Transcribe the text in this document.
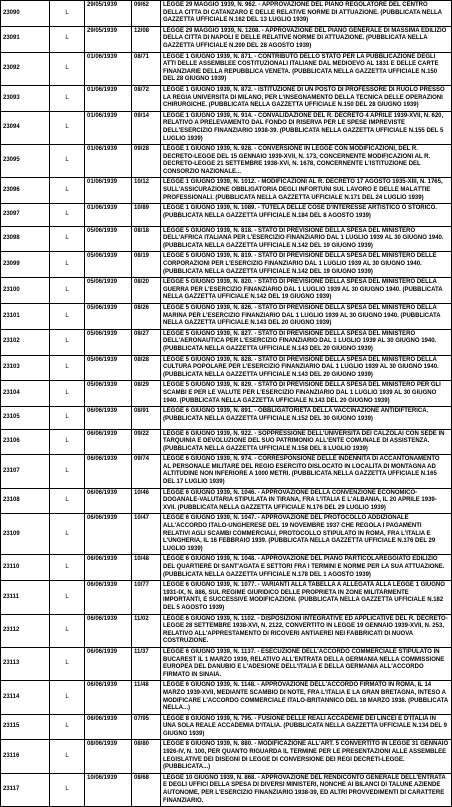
23090	L	29/05/1939	09/62	LEGGE 29 MAGGIO 1939, N. 962. - APPROVAZIONE DEL PIANO REGOLATORE DEL CENTRO DELLA CITTA DI CATANZARO E DELLE RELATIVE NORME DI ATTUAZIONE. (PUBBLICATA NELLA GAZZETTA UFFICIALE N.162 DEL 13 LUGLIO 1939)
23091	L	29/05/1939	12/08	LEGGE 29 MAGGIO 1939, N. 1208. - APPROVAZIONE DEL PIANO GENERALE DI MASSIMA EDILIZIO DELLA CITTA DI NAPOLI E DELLE RELATIVE NORME DI ATTUAZIONE. (PUBBLICATA NELLA GAZZETTA UFFICIALE N.200 DEL 28 AGOSTO 1939)
23092	L	01/06/1939	08/71	LEGGE 1 GIUGNO 1939, N. 871. - CONTRIBUTO DELLO STATO PER LA PUBBLICAZIONE DEGLI ATTI DELLE ASSEMBLEE COSTITUZIONALI ITALIANE DAL MEDIOEVO AL 1831 E DELLE CARTE FINANZIARIE DELLA REPUBBLICA VENETA. (PUBBLICATA NELLA GAZZETTA UFFICIALE N.150 DEL 28 GIUGNO 1939)
23093	L	01/06/1939	08/72	LEGGE 1 GIUGNO 1939, N. 872. - ISTITUZIONE DI UN POSTO DI PROFESSORE DI RUOLO PRESSO LA REGIA UNIVERSITA DI MILANO, PER L'INSEGNAMENTO DELLA TECNICA DELLE OPERAZIONI CHIRURGICHE. (PUBBLICATA NELLA GAZZETTA UFFICIALE N.150 DEL 28 GIUGNO 1939)
23094	L	01/06/1939	09/14	LEGGE 1 GIUGNO 1939, N. 914. - CONVALIDAZIONE DEL R. DECRETO 4 APRILE 1939-XVII, N. 620, RELATIVO A PRELEVAMENTO DAL FONDO DI RISERVA PER LE SPESE IMPREVISTE DELL'ESERCIZIO FINANZIARIO 1938-39. (PUBBLICATA NELLA GAZZETTA UFFICIALE N.155 DEL 5 LUGLIO 1939)
23095	L	01/06/1939	09/28	LEGGE 1 GIUGNO 1939, N. 928. - CONVERSIONE IN LEGGE CON MODIFICAZIONI, DEL R. DECRETO-LEGGE DEL 15 GENNAIO 1939-XVII, N. 173, CONCERNENTE MODIFICAZIONI AL R. DECRETO-LEGGE 21 SETTEMBRE 1938-XVI, N. 1678, CONCERNENTE L'ISTITUZIONE DEL CONSORZIO NAZIONALE...
23096	L	01/06/1939	10/12	LEGGE 1 GIUGNO 1939, N. 1012. - MODIFICAZIONI AL R. DECRETO 17 AGOSTO 1935-XIII, N. 1765, SULL'ASSICURAZIONE OBBLIGATORIA DEGLI INFORTUNI SUL LAVORO E DELLE MALATTIE PROFESSIONALI. (PUBBLICATA NELLA GAZZETTA UFFICIALE N.171 DEL 24 LUGLIO 1939)
23097	L	01/06/1939	10/89	LEGGE 1 GIUGNO 1939, N. 1089. - TUTELA DELLE COSE D'INTERESSE ARTISTICO O STORICO. (PUBBLICATA NELLA GAZZETTA UFFICIALE N.184 DEL 8 AGOSTO 1939)
23098	L	05/06/1939	08/18	LEGGE 5 GIUGNO 1939, N. 818. - STATO DI PREVISIONE DELLA SPESA DEL MINISTERO DELL'AFRICA ITALIANA PER L'ESERCIZIO FINANZIARIO DAL 1 LUGLIO 1939 AL 30 GIUGNO 1940. (PUBBLICATA NELLA GAZZETTA UFFICIALE N.142 DEL 19 GIUGNO 1939)
23099	L	05/06/1939	08/19	LEGGE 5 GIUGNO 1939, N. 819. - STATO DI PREVISIONE DELLA SPESA DEL MINISTERO DELLE CORPORAZIONI PER L'ESERCIZIO FINANZIARIO DAL 1 LUGLIO 1939 AL 30 GIUGNO 1940. (PUBBLICATA NELLA GAZZETTA UFFICIALE N.142 DEL 19 GIUGNO 1939)
23100	L	05/06/1939	08/20	LEGGE 5 GIUGNO 1939, N. 820. - STATO DI PREVISIONE DELLA SPESA DEL MINISTERO DELLA GUERRA PER L'ESERCIZIO FINANZIARIO DAL 1 LUGLIO 1939 AL 30 GIUGNO 1940. (PUBBLICATA NELLA GAZZETTA UFFICIALE N.142 DEL 19 GIUGNO 1939)
23101	L	05/06/1939	08/26	LEGGE 5 GIUGNO 1939, N. 826. - STATO DI PREVISIONE DELLA SPESA DEL MINISTERO DELLA MARINA PER L'ESERCIZIO FINANZIARIO DAL 1 LUGLIO 1939 AL 30 GIUGNO 1940. (PUBBLICATA NELLA GAZZETTA UFFICIALE N.143 DEL 20 GIUGNO 1939)
23102	L	05/06/1939	08/27	LEGGE 5 GIUGNO 1939, N. 827. - STATO DI PREVISIONE DELLA SPESA DEL MINISTERO DELL'AERONAUTICA PER L'ESERCIZIO FINANZIARIO DAL 1 LUGLIO 1939 AL 30 GIUGNO 1940. (PUBBLICATA NELLA GAZZETTA UFFICIALE N.143 DEL 20 GIUGNO 1939)
23103	L	05/06/1939	08/28	LEGGE 5 GIUGNO 1939, N. 828. - STATO DI PREVISIONE DELLA SPESA DEL MINISTERO DELLA CULTURA POPOLARE PER L'ESERCIZIO FINANZIARIO DAL 1 LUGLIO 1939 AL 30 GIUGNO 1940. (PUBBLICATA NELLA GAZZETTA UFFICIALE N.143 DEL 20 GIUGNO 1939)
23104	L	05/06/1939	08/29	LEGGE 5 GIUGNO 1939, N. 829. - STATO DI PREVISIONE DELLA SPESA DEL MINISTERO PER GLI SCAMBI E PER LE VALUTE PER L'ESERCIZIO FINANZIARIO DAL 1 LUGLIO 1939 AL 30 GIUGNO 1940. (PUBBLICATA NELLA GAZZETTA UFFICIALE N.143 DEL 20 GIUGNO 1939)
23105	L	06/06/1939	08/91	LEGGE 6 GIUGNO 1939, N. 891. - OBBLIGATORIETA DELLA VACCINAZIONE ANTIDIFTERICA. (PUBBLICATA NELLA GAZZETTA UFFICIALE N.152 DEL 30 GIUGNO 1939)
23106	L	06/06/1939	09/22	LEGGE 6 GIUGNO 1939, N. 922. - SOPPRESSIONE DELL'UNIVERSITA DEI CALZOLAI CON SEDE IN TARQUINIA E DEVOLUZIONE DEL SUO PATRIMONIO ALL'ENTE COMUNALE DI ASSISTENZA. (PUBBLICATA NELLA GAZZETTA UFFICIALE N.158 DEL 8 LUGLIO 1939)
23107	L	06/06/1939	09/74	LEGGE 6 GIUGNO 1939, N. 974. - CORRESPONSIONE DELLE INDENNITA DI ACCANTONAMENTO AL PERSONALE MILITARE DEL REGIO ESERCITO DISLOCATO IN LOCALITA DI MONTAGNA AD ALTITUDINE NON INFERIORE A 1000 METRI. (PUBBLICATA NELLA GAZZETTA UFFICIALE N.165 DEL 17 LUGLIO 1939)
23108	L	06/06/1939	10/46	LEGGE 6 GIUGNO 1939, N. 1046. - APPROVAZIONE DELLA CONVENZIONE ECONOMICO-DOGANALE-VALUTARIA STIPULATA IN TIRANA, FRA L'ITALIA E L'ALBANIA, IL 20 APRILE 1939-XVII. (PUBBLICATA NELLA GAZZETTA UFFICIALE N.176 DEL 29 LUGLIO 1939)
23109	L	06/06/1939	10/47	LEGGE 6 GIUGNO 1939, N. 1047. - APPROVAZIONE DEL PROTOCOLLO ADDIZIONALE ALL'ACCORDO ITALO-UNGHERESE DEL 19 NOVEMBRE 1937 CHE REGOLA I PAGAMENTI RELATIVI AGLI SCAMBI COMMERCIALI, PROTOCOLLO STIPULATO IN ROMA, FRA L'ITALIA E L'UNGHERIA, IL 16 FEBBRAIO 1939. (PUBBLICATA NELLA GAZZETTA UFFICIALE N.176 DEL 29 LUGLIO 1939)
23110	L	06/06/1939	10/48	LEGGE 6 GIUGNO 1939, N. 1048. - APPROVAZIONE DEL PIANO PARTICOLAREGGIATO EDILIZIO DEL QUARTIERE DI SANT'AGATA E SETTORI FRA I TERMINI E NORME PER LA SUA ATTUAZIONE. (PUBBLICATA NELLA GAZZETTA UFFICIALE N.178 DEL 1 AGOSTO 1939)
23111	L	06/06/1939	10/77	LEGGE 6 GIUGNO 1939, N. 1077. - VARIANTI ALLA TABELLA A ALLEGATA ALLA LEGGE 1 GIUGNO 1931-IX, N. 886, SUL REGIME GIURIDICO DELLE PROPRIETA IN ZONE MILITARMENTE IMPORTANTI, E SUCCESSIVE MODIFICAZIONI. (PUBBLICATA NELLA GAZZETTA UFFICIALE N.182 DEL 5 AGOSTO 1939)
23112	L	06/06/1939	11/02	LEGGE 6 GIUGNO 1939, N. 1102. - DISPOSIZIONI INTEGRATIVE ED APPLICATIVE DEL R. DECRETO-LEGGE 28 SETTEMBRE 1938-XVI, N. 2122, CONVERTITO IN LEGGE 19 GENNAIO 1939-XVII, N. 253, RELATIVO ALL'APPRESTAMENTO DI RICOVERI ANTIAEREI NEI FABBRICATI DI NUOVA COSTRUZIONE.
23113	L	06/06/1939	11/37	LEGGE 6 GIUGNO 1939, N. 1137. - ESECUZIONE DELL'ACCORDO COMMERCIALE STIPULATO IN BUCAREST IL 1 MARZO 1939, RELATIVO ALL'ENTRATA DELLA GERMANIA NELLA COMMISSIONE EUROPEA DEL DANUBIO E L'ADESIONE DELL'ITALIA E DELLA GERMANIA ALL'ACCORDO FIRMATO IN SINAIA.
23114	L	06/06/1939	11/48	LEGGE 6 GIUGNO 1939, N. 1148. - APPROVAZIONE DELL'ACCORDO FIRMATO IN ROMA, IL 14 MARZO 1939-XVII, MEDIANTE SCAMBIO DI NOTE, FRA L'ITALIA E LA GRAN BRETAGNA, INTESO A MODIFICARE L'ACCORDO COMMERCIALE ITALO-BRITANNICO DEL 18 MARZO 1938. (PUBBLICATA NELLA...)
23115	L	06/06/1939	07/95	LEGGE 8 GIUGNO 1939, N. 795. - FUSIONE DELLE REALI ACCADEMIE DEI LINCEI E D'ITALIA IN UNA SOLA REALE ACCADEMIA D'ITALIA. (PUBBLICATA NELLA GAZZETTA UFFICIALE N.134 DEL 9 GIUGNO 1939)
23116	L	08/06/1939	08/80	LEGGE 8 GIUGNO 1939, N. 880. - MODIFICAZIONE ALL'ART. 5 CONVERTITO IN LEGGE 31 GENNAIO 1926-IV, N. 100, PER QUANTO RIGUARDA IL TERMINE PER LE PRESENTAZIONI ALLE ASSEMBLEE LEGISLATIVE DEI DISEGNI DI LEGGE DI CONVERSIONE DEI REGI DECRETI-LEGGE. (PUBBLICATA...)
23117	L	10/06/1939	08/68	LEGGE 10 GIUGNO 1939, N. 868. - APPROVAZIONE DEL RENDICONTO GENERALE DELL'ENTRATA E DEGLI UFFICI DELLA SPESA DI DIVERSI MINISTERI, NONCHE AI BILANCI DI TALUNE AZIENDE AUTONOME, PER L'ESERCIZIO FINANZIARIO 1938-39, ED ALTRI PROVVEDIMENTI DI CARATTERE FINANZIARIO.
